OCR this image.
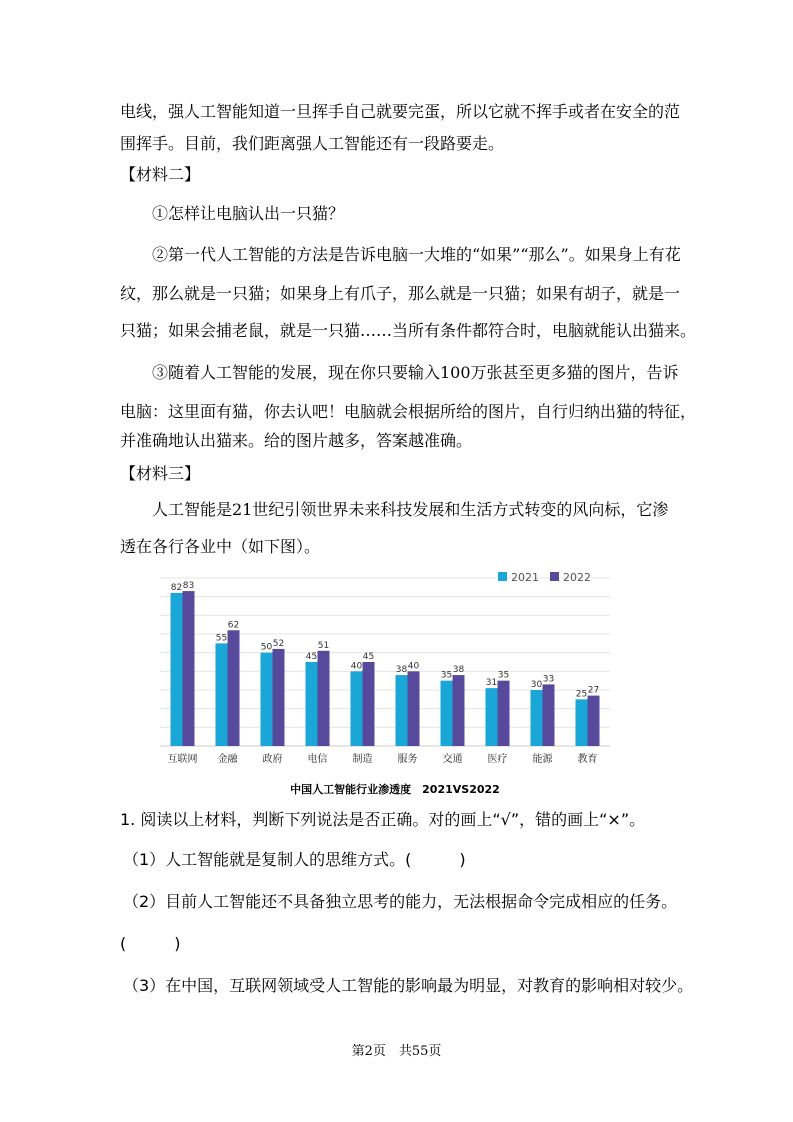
电线，强人工智能知道一旦挥手自己就要完蛋，所以它就不挥手或者在安全的范
围挥手。目前，我们距离强人工智能还有一段路要走。
【材料二】
①怎样让电脑认出一只猫？
②第一代人工智能的方法是告诉电脑一大堆的“如果”“那么”。如果身上有花
纹，那么就是一只猫；如果身上有爪子，那么就是一只猫；如果有胡子，就是一
只猫；如果会捕老鼠，就是一只猫……当所有条件都符合时，电脑就能认出猫来。
③随着人工智能的发展，现在你只要输入100万张甚至更多猫的图片，告诉
电脑：这里面有猫，你去认吧！电脑就会根据所给的图片，自行归纳出猫的特征，
并准确地认出猫来。给的图片越多，答案越准确。
【材料三】
人工智能是21世纪引领世界未来科技发展和生活方式转变的风向标，它渗
透在各行各业中（如下图）。
82 83
55
62
50 52
45
51
40
45
38 40
35
38
31
35
30
33
25 27
互联网 金融	政府	电信	制造	服务	交通	医疗	能源	教育
2021 2022
中国人工智能行业渗透度　2021VS2022
1. 阅读以上材料，判断下列说法是否正确。对的画上“√”，错的画上“×”。
（1）人工智能就是复制人的思维方式。(　　　)
（2）目前人工智能还不具备独立思考的能力，无法根据命令完成相应的任务。
(　　　)
（3）在中国，互联网领域受人工智能的影响最为明显，对教育的影响相对较少。
第2页　共55页
